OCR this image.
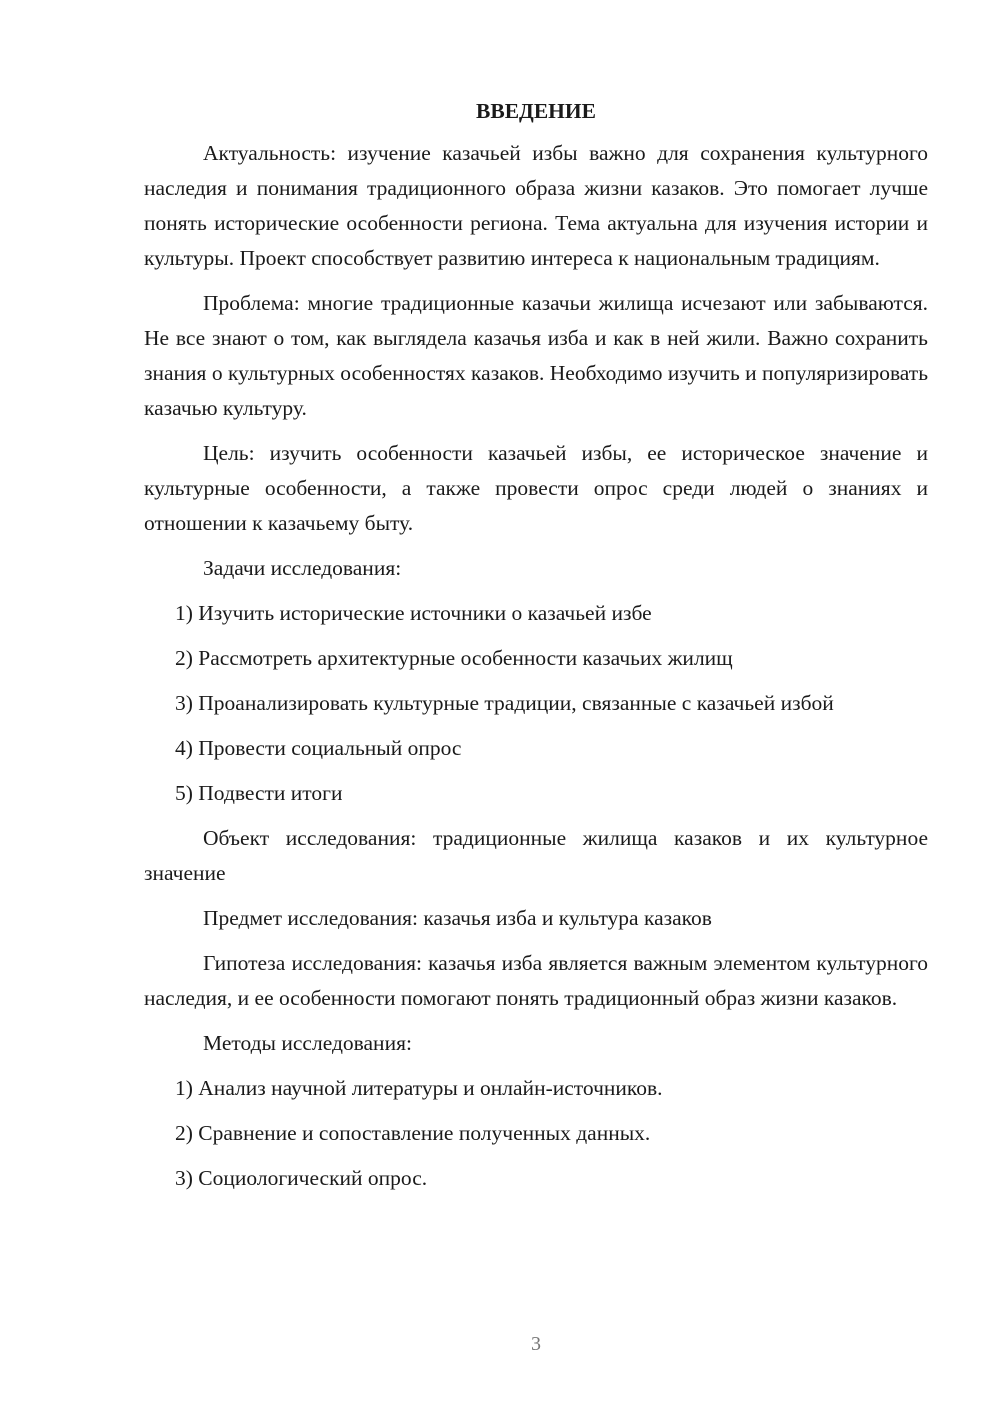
ВВЕДЕНИЕ

Актуальность: изучение казачьей избы важно для сохранения культурного наследия и понимания традиционного образа жизни казаков. Это помогает лучше понять исторические особенности региона. Тема актуальна для изучения истории и культуры. Проект способствует развитию интереса к национальным традициям.

Проблема: многие традиционные казачьи жилища исчезают или забываются. Не все знают о том, как выглядела казачья изба и как в ней жили. Важно сохранить знания о культурных особенностях казаков. Необходимо изучить и популяризировать казачью культуру.

Цель: изучить особенности казачьей избы, ее историческое значение и культурные особенности, а также провести опрос среди людей о знаниях и отношении к казачьему быту.

Задачи исследования:

1) Изучить исторические источники о казачьей избе

2) Рассмотреть архитектурные особенности казачьих жилищ

3) Проанализировать культурные традиции, связанные с казачьей избой

4) Провести социальный опрос

5) Подвести итоги

Объект исследования: традиционные жилища казаков и их культурное значение

Предмет исследования: казачья изба и культура казаков

Гипотеза исследования: казачья изба является важным элементом культурного наследия, и ее особенности помогают понять традиционный образ жизни казаков.

Методы исследования:

1) Анализ научной литературы и онлайн-источников.

2) Сравнение и сопоставление полученных данных.

3) Социологический опрос.

3
